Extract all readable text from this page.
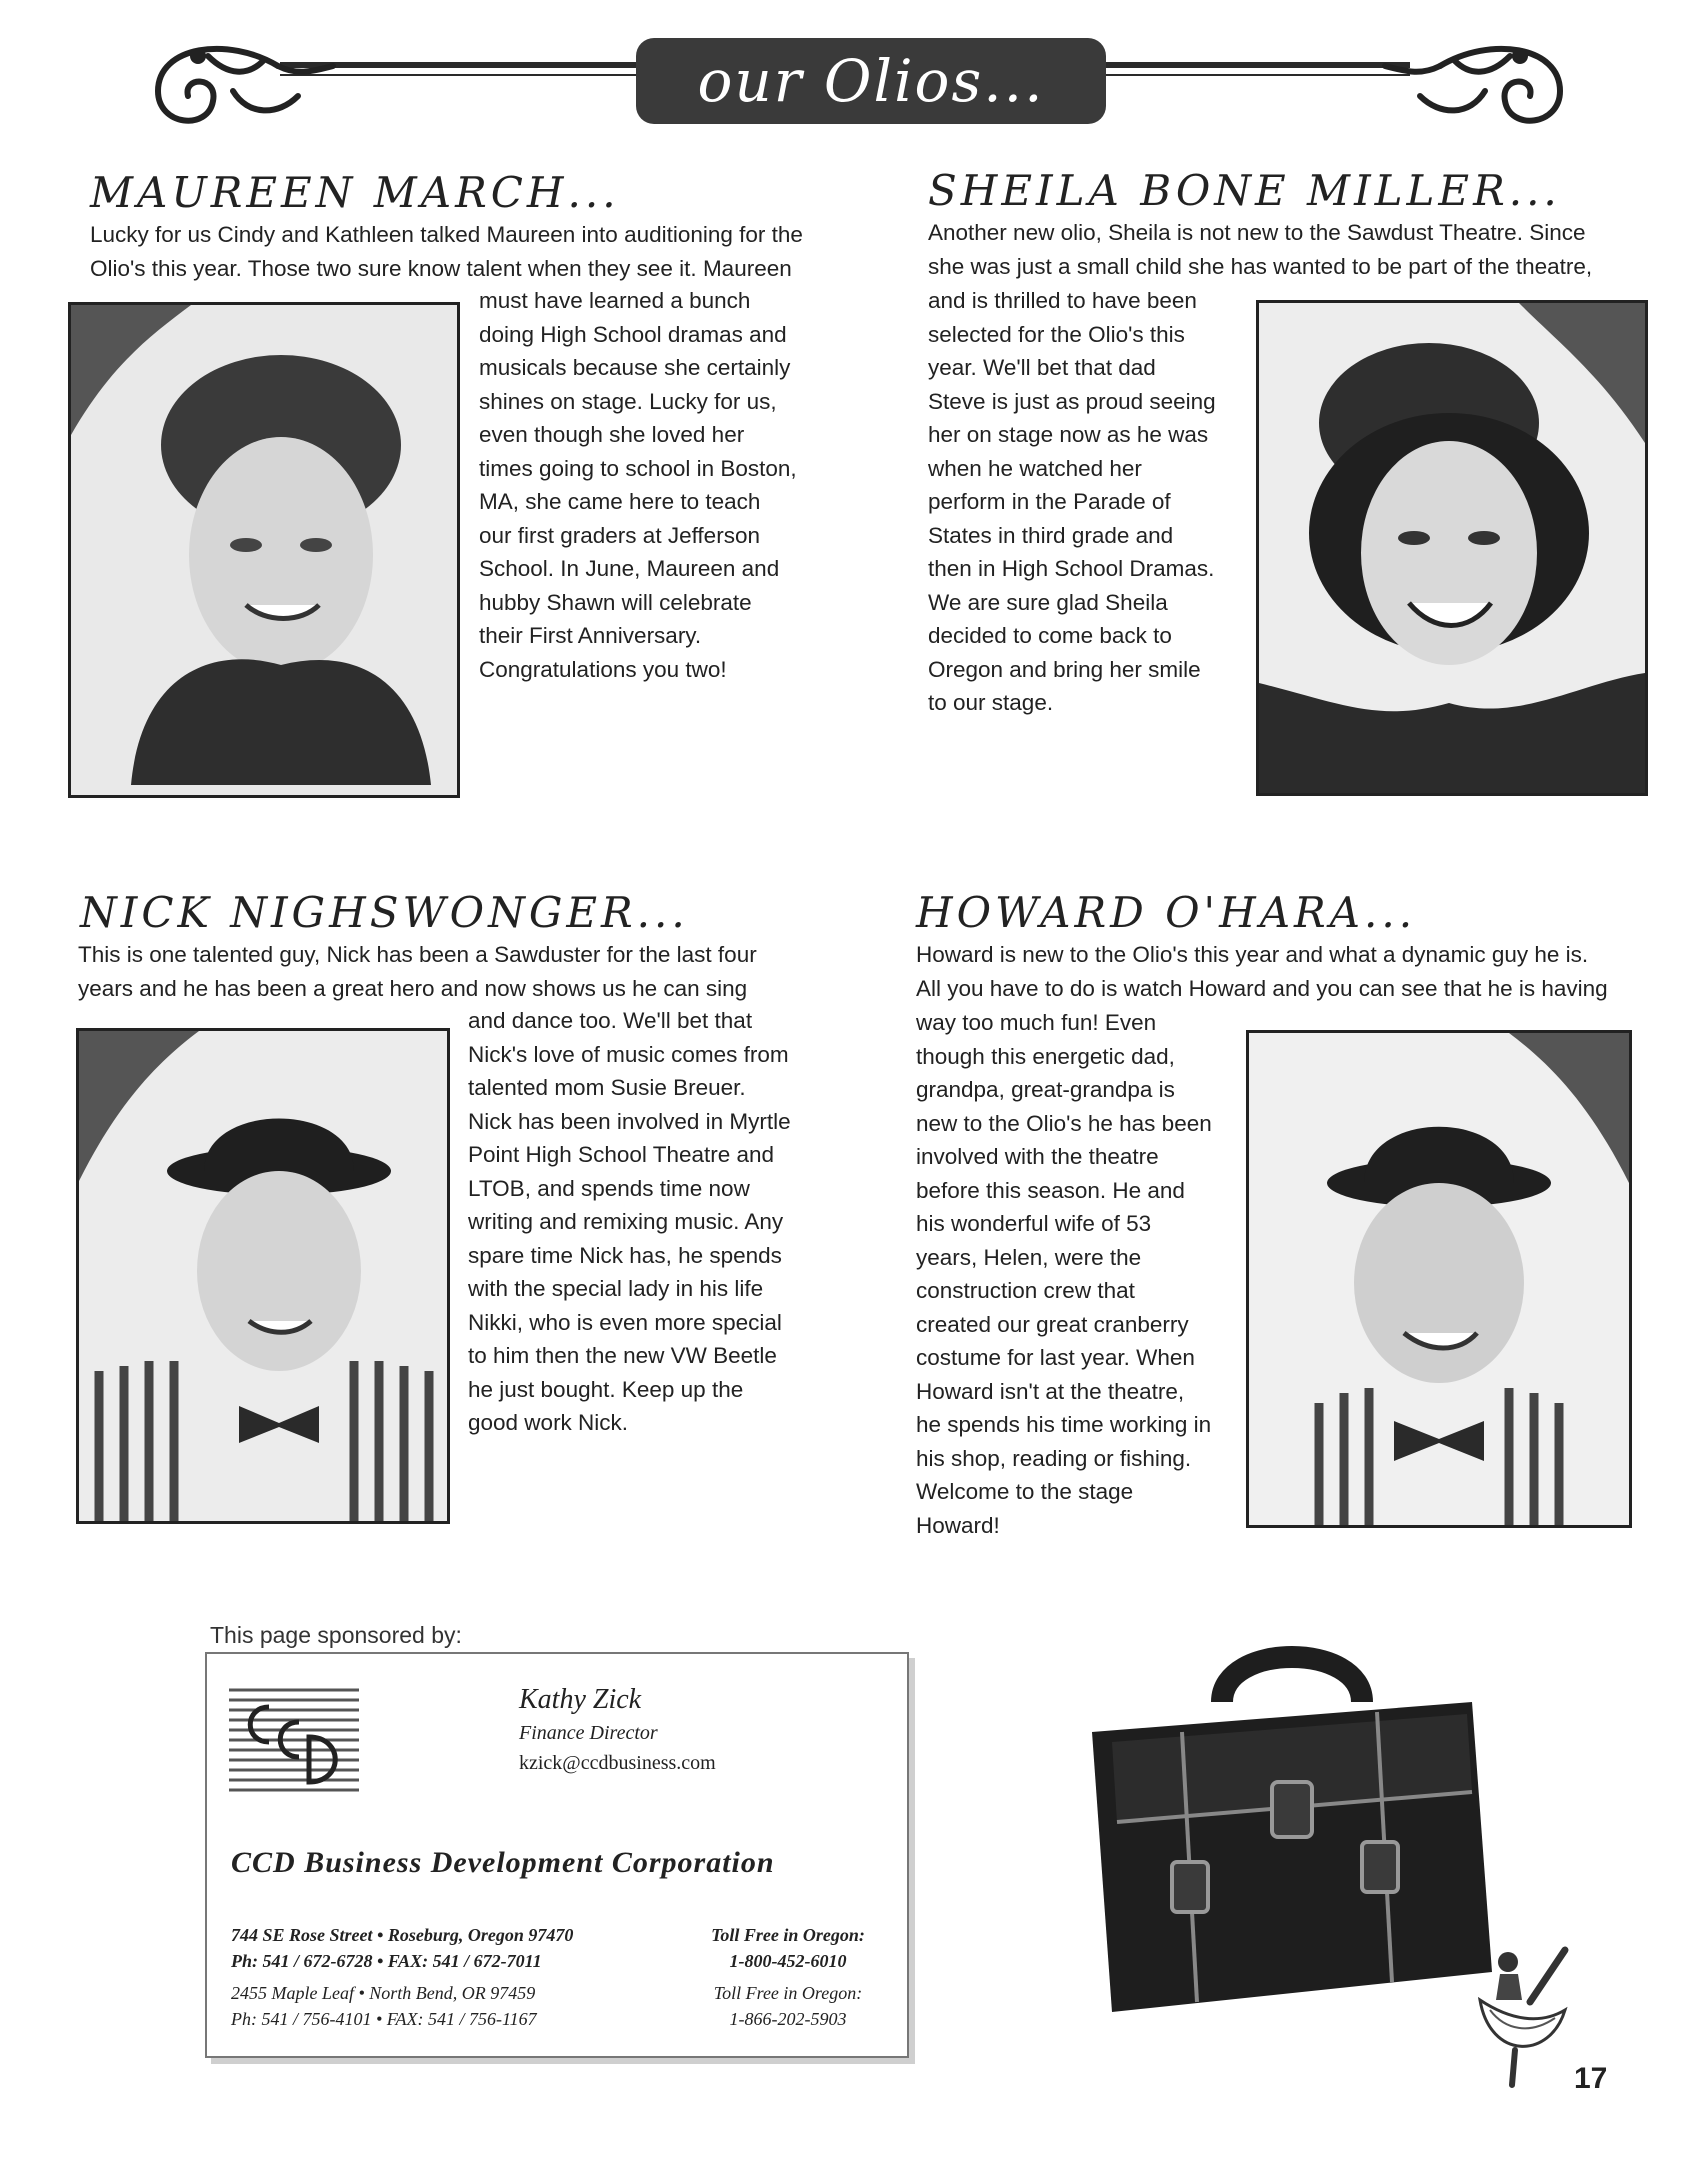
our Olios...
MAUREEN MARCH...

Lucky for us Cindy and Kathleen talked Maureen into auditioning for the

Olio's this year. Those two sure know talent when they see it. Maureen

must have learned a bunch

doing High School dramas and

musicals because she certainly

shines on stage. Lucky for us,

even though she loved her

times going to school in Boston,

MA, she came here to teach

our first graders at Jefferson

School. In June, Maureen and

hubby Shawn will celebrate

their First Anniversary.

Congratulations you two!

SHEILA BONE MILLER...

Another new olio, Sheila is not new to the Sawdust Theatre. Since

she was just a small child she has wanted to be part of the theatre,

and is thrilled to have been

selected for the Olio's this

year. We'll bet that dad

Steve is just as proud seeing

her on stage now as he was

when he watched her

perform in the Parade of

States in third grade and

then in High School Dramas.

We are sure glad Sheila

decided to come back to

Oregon and bring her smile

to our stage.

NICK NIGHSWONGER...

This is one talented guy, Nick has been a Sawduster for the last four

years and he has been a great hero and now shows us he can sing

and dance too. We'll bet that

Nick's love of music comes from

talented mom Susie Breuer.

Nick has been involved in Myrtle

Point High School Theatre and

LTOB, and spends time now

writing and remixing music. Any

spare time Nick has, he spends

with the special lady in his life

Nikki, who is even more special

to him then the new VW Beetle

he just bought. Keep up the

good work Nick.

HOWARD O'HARA...

Howard is new to the Olio's this year and what a dynamic guy he is.

All you have to do is watch Howard and you can see that he is having

way too much fun! Even

though this energetic dad,

grandpa, great-grandpa is

new to the Olio's he has been

involved with the theatre

before this season. He and

his wonderful wife of 53

years, Helen, were the

construction crew that

created our great cranberry

costume for last year. When

Howard isn't at the theatre,

he spends his time working in

his shop, reading or fishing.

Welcome to the stage

Howard!

This page sponsored by:
Kathy Zick
Finance Director
kzick@ccdbusiness.com
CCD Business Development Corporation
744 SE Rose Street • Roseburg, Oregon 97470
Ph: 541 / 672-6728 • FAX: 541 / 672-7011
Toll Free in Oregon:
1-800-452-6010
2455 Maple Leaf • North Bend, OR 97459
Ph: 541 / 756-4101 • FAX: 541 / 756-1167
Toll Free in Oregon:
1-866-202-5903
17
